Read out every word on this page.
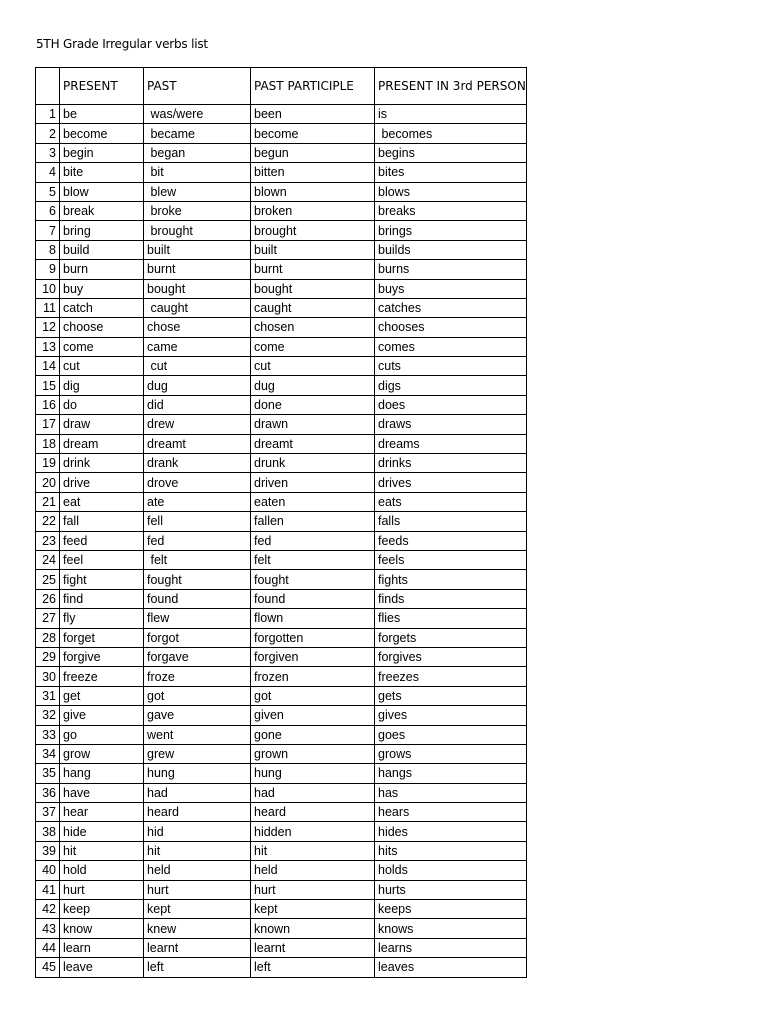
5TH Grade Irregular verbs list
	PRESENT	PAST	PAST PARTICIPLE	PRESENT IN 3rd PERSON
1	be	was/were	been	is
2	become	became	become	becomes
3	begin	began	begun	begins
4	bite	bit	bitten	bites
5	blow	blew	blown	blows
6	break	broke	broken	breaks
7	bring	brought	brought	brings
8	build	built	built	builds
9	burn	burnt	burnt	burns
10	buy	bought	bought	buys
11	catch	caught	caught	catches
12	choose	chose	chosen	chooses
13	come	came	come	comes
14	cut	cut	cut	cuts
15	dig	dug	dug	digs
16	do	did	done	does
17	draw	drew	drawn	draws
18	dream	dreamt	dreamt	dreams
19	drink	drank	drunk	drinks
20	drive	drove	driven	drives
21	eat	ate	eaten	eats
22	fall	fell	fallen	falls
23	feed	fed	fed	feeds
24	feel	felt	felt	feels
25	fight	fought	fought	fights
26	find	found	found	finds
27	fly	flew	flown	flies
28	forget	forgot	forgotten	forgets
29	forgive	forgave	forgiven	forgives
30	freeze	froze	frozen	freezes
31	get	got	got	gets
32	give	gave	given	gives
33	go	went	gone	goes
34	grow	grew	grown	grows
35	hang	hung	hung	hangs
36	have	had	had	has
37	hear	heard	heard	hears
38	hide	hid	hidden	hides
39	hit	hit	hit	hits
40	hold	held	held	holds
41	hurt	hurt	hurt	hurts
42	keep	kept	kept	keeps
43	know	knew	known	knows
44	learn	learnt	learnt	learns
45	leave	left	left	leaves
